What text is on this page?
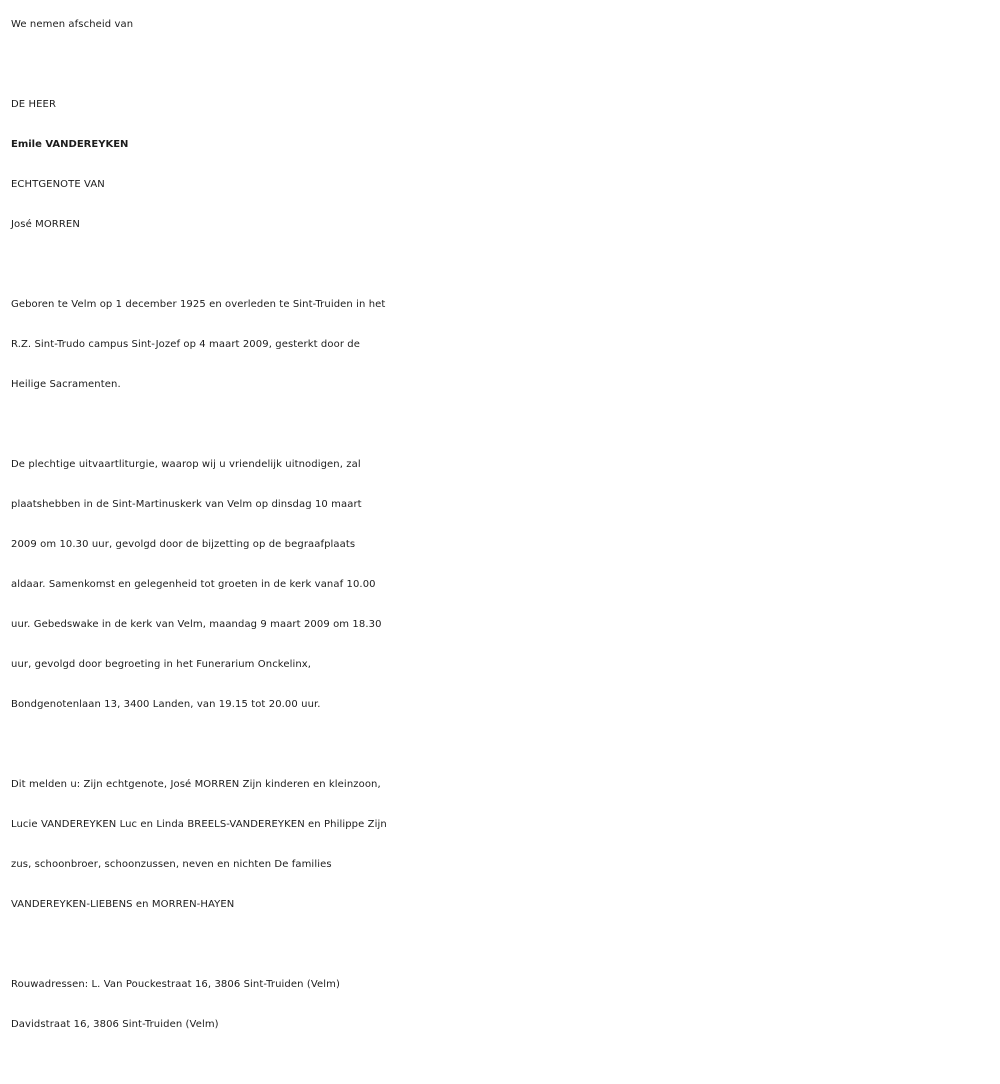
We nemen afscheid van
DE HEER
Emile VANDEREYKEN
ECHTGENOTE VAN
José MORREN
Geboren te Velm op 1 december 1925 en overleden te Sint-Truiden in het
R.Z. Sint-Trudo campus Sint-Jozef op 4 maart 2009, gesterkt door de
Heilige Sacramenten.
De plechtige uitvaartliturgie, waarop wij u vriendelijk uitnodigen, zal
plaatshebben in de Sint-Martinuskerk van Velm op dinsdag 10 maart
2009 om 10.30 uur, gevolgd door de bijzetting op de begraafplaats
aldaar. Samenkomst en gelegenheid tot groeten in de kerk vanaf 10.00
uur. Gebedswake in de kerk van Velm, maandag 9 maart 2009 om 18.30
uur, gevolgd door begroeting in het Funerarium Onckelinx,
Bondgenotenlaan 13, 3400 Landen, van 19.15 tot 20.00 uur.
Dit melden u: Zijn echtgenote, José MORREN Zijn kinderen en kleinzoon,
Lucie VANDEREYKEN Luc en Linda BREELS-VANDEREYKEN en Philippe Zijn
zus, schoonbroer, schoonzussen, neven en nichten De families
VANDEREYKEN-LIEBENS en MORREN-HAYEN
Rouwadressen: L. Van Pouckestraat 16, 3806 Sint-Truiden (Velm)
Davidstraat 16, 3806 Sint-Truiden (Velm)
